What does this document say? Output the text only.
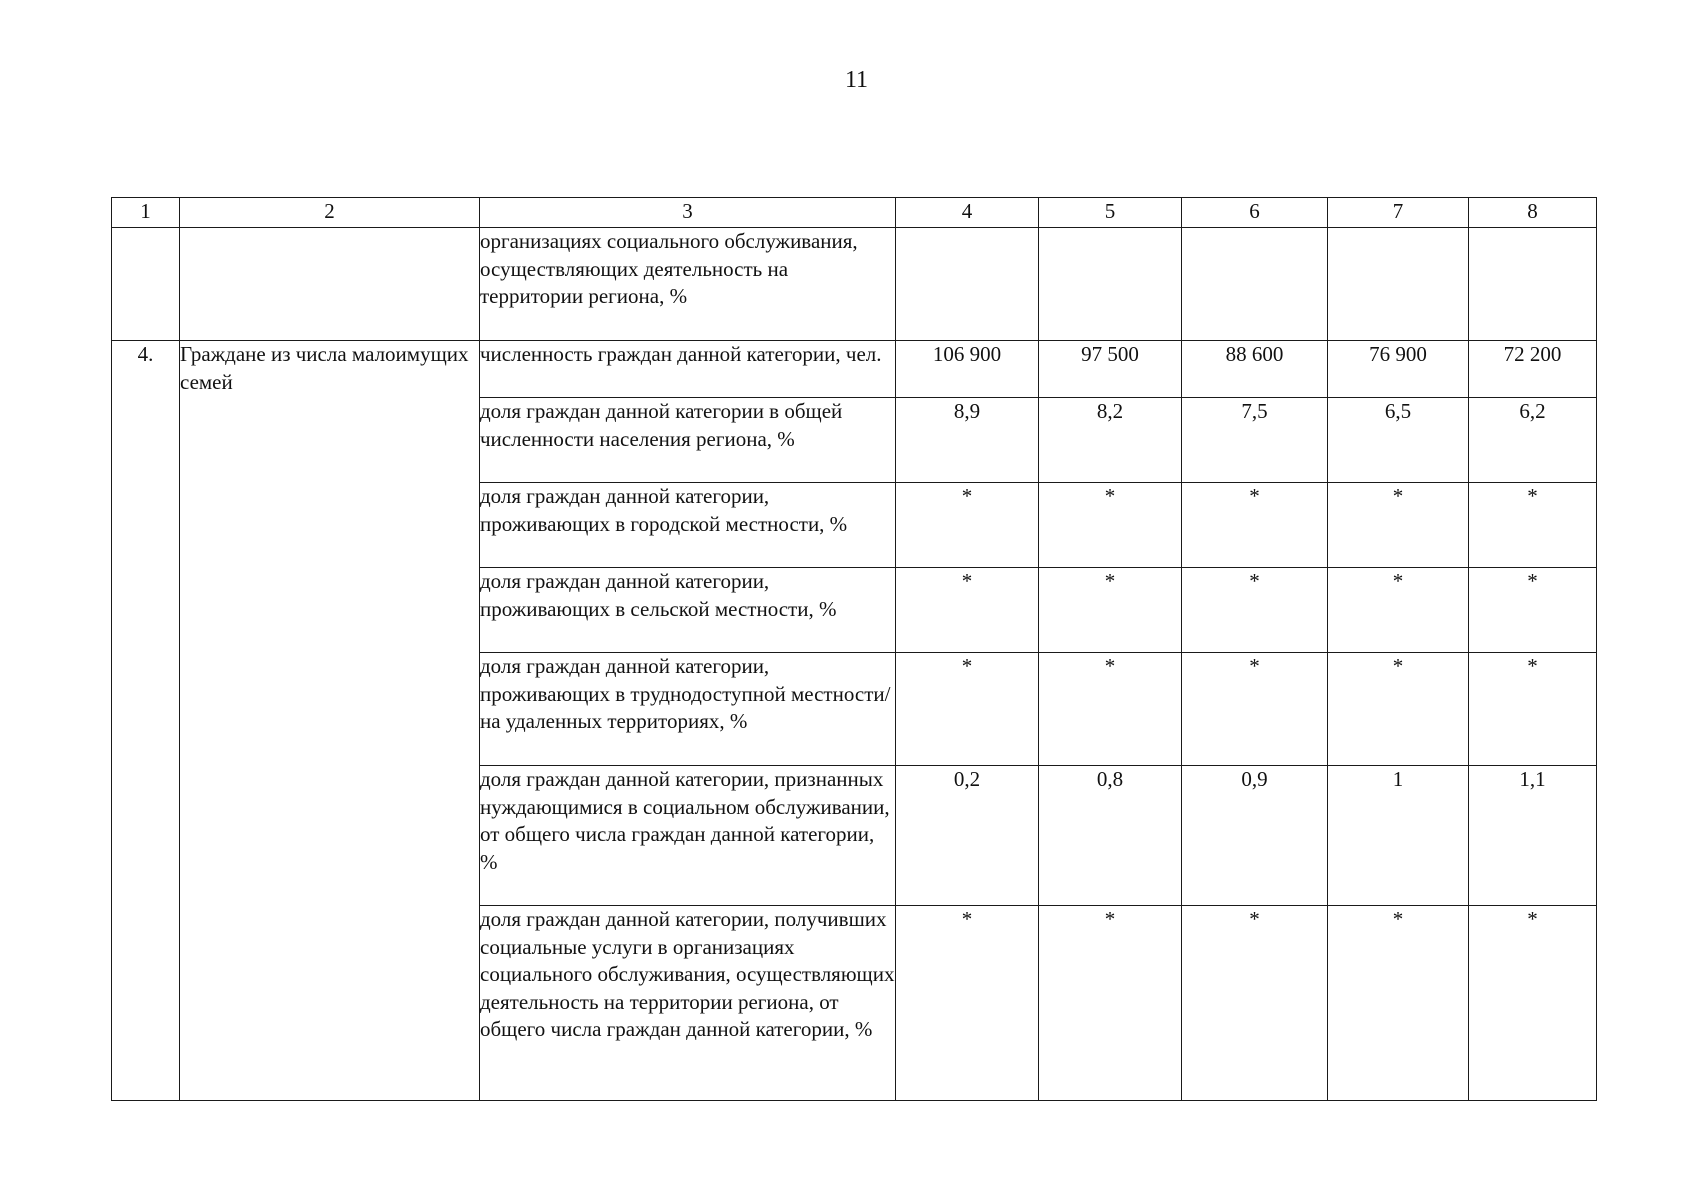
11
1	2	3	4	5	6	7	8
		организациях социального обслуживания, осуществляющих деятельность на территории региона, %					
4.	Граждане из числа малоимущих семей	численность граждан данной категории, чел.	106 900	97 500	88 600	76 900	72 200
		доля граждан данной категории в общей численности населения региона, %	8,9	8,2	7,5	6,5	6,2
		доля граждан данной категории, проживающих в городской местности, %	*	*	*	*	*
		доля граждан данной категории, проживающих в сельской местности, %	*	*	*	*	*
		доля граждан данной категории, проживающих в труднодоступной местности/ на удаленных территориях, %	*	*	*	*	*
		доля граждан данной категории, признанных нуждающимися в социальном обслуживании, от общего числа граждан данной категории, %	0,2	0,8	0,9	1	1,1
		доля граждан данной категории, получивших социальные услуги в организациях социального обслуживания, осуществляющих деятельность на территории региона, от общего числа граждан данной категории, %	*	*	*	*	*
